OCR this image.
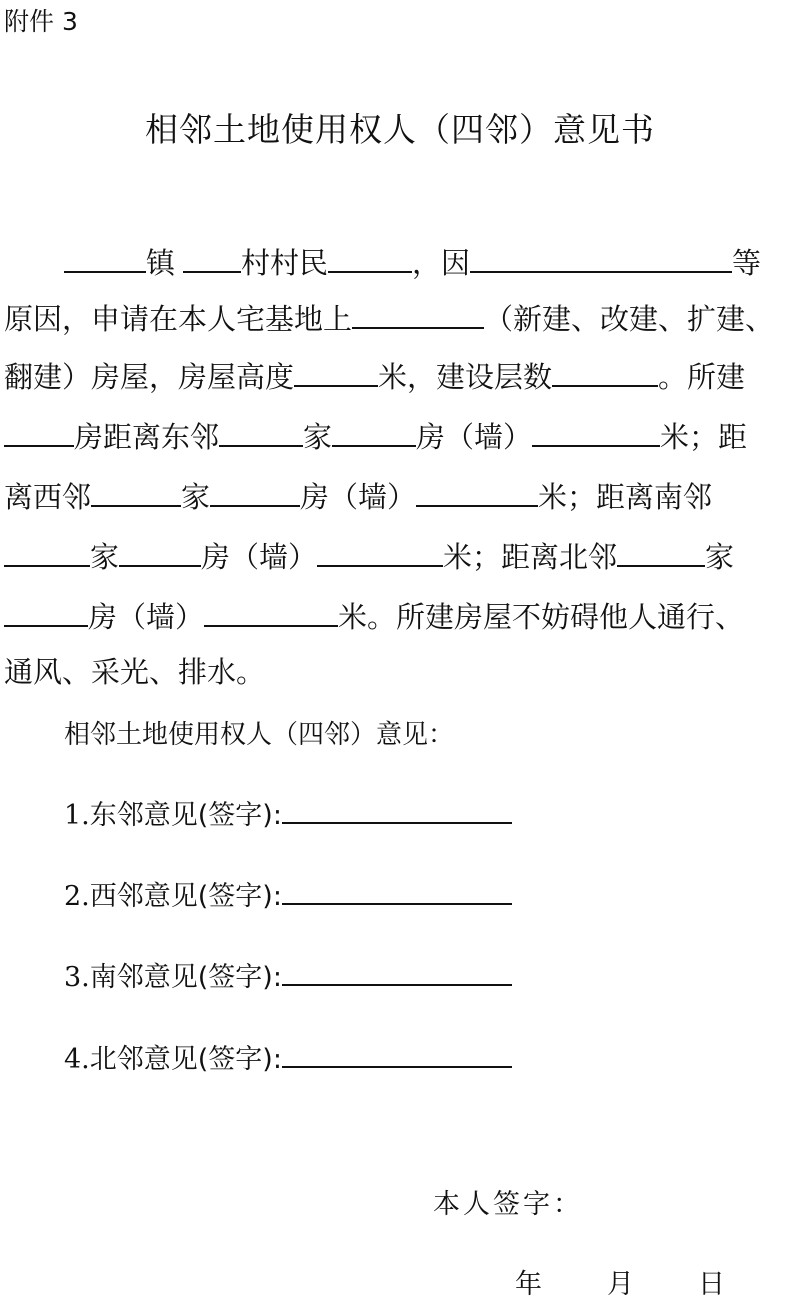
附件 3
相邻土地使用权人（四邻）意见书
镇 村村民	，因	等
原因，申请在本人宅基地上	（新建、改建、扩建、
翻建）房屋，房屋高度	米，建设层数	。所建
房距离东邻	家	房（墙）	米；距
离西邻	家	房（墙）	米；距离南邻
家	房（墙）	米；距离北邻	家
房（墙）	米。所建房屋不妨碍他人通行、
通风、采光、排水。
相邻土地使用权人（四邻）意见：
1.东邻意见(签字):
2.西邻意见(签字):
3.南邻意见(签字):
4.北邻意见(签字):
本人签字：
年 月 日
